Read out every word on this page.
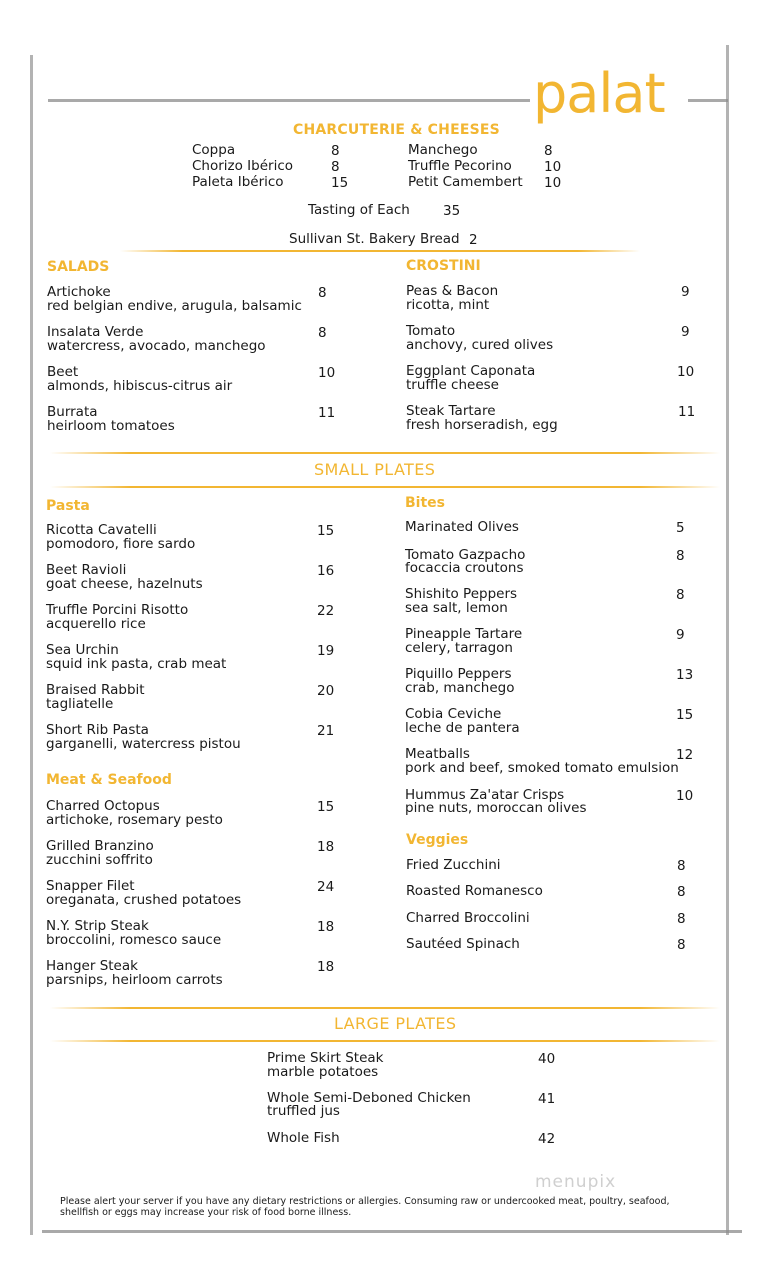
palat
CHARCUTERIE & CHEESES
Coppa	8
Chorizo Ibérico	8
Paleta Ibérico	15
Manchego	8
Truffle Pecorino 10
Petit Camembert 10
Tasting of Each 35
Sullivan St. Bakery Bread 2
SALADS
Artichoke
red belgian endive, arugula, balsamic
8
Insalata Verde
watercress, avocado, manchego
8
Beet
almonds, hibiscus-citrus air
10
Burrata
heirloom tomatoes
11
CROSTINI
Peas & Bacon
ricotta, mint
9
Tomato
anchovy, cured olives
9
Eggplant Caponata
truffle cheese
10
Steak Tartare
fresh horseradish, egg
11
SMALL PLATES
Pasta
Ricotta Cavatelli
pomodoro, fiore sardo
15
Beet Ravioli
goat cheese, hazelnuts
16
Truffle Porcini Risotto
acquerello rice
22
Sea Urchin
squid ink pasta, crab meat
19
Braised Rabbit
tagliatelle
20
Short Rib Pasta
garganelli, watercress pistou
21
Meat & Seafood
Charred Octopus
artichoke, rosemary pesto
15
Grilled Branzino
zucchini soffrito
18
Snapper Filet
oreganata, crushed potatoes
24
N.Y. Strip Steak
broccolini, romesco sauce
18
Hanger Steak
parsnips, heirloom carrots
18
Bites
Marinated Olives	5
Tomato Gazpacho
focaccia croutons
8
Shishito Peppers
sea salt, lemon
8
Pineapple Tartare
celery, tarragon
9
Piquillo Peppers
crab, manchego
13
Cobia Ceviche
leche de pantera
15
Meatballs
pork and beef, smoked tomato emulsion
12
Hummus Za'atar Crisps
pine nuts, moroccan olives
10
Veggies
Fried Zucchini	8
Roasted Romanesco	8
Charred Broccolini	8
Sautéed Spinach	8
LARGE PLATES
Prime Skirt Steak
marble potatoes
40
Whole Semi-Deboned Chicken
truffled jus
41
Whole Fish	42
menupix
Please alert your server if you have any dietary restrictions or allergies. Consuming raw or undercooked meat, poultry, seafood, shellfish or eggs may increase your risk of food borne illness.
